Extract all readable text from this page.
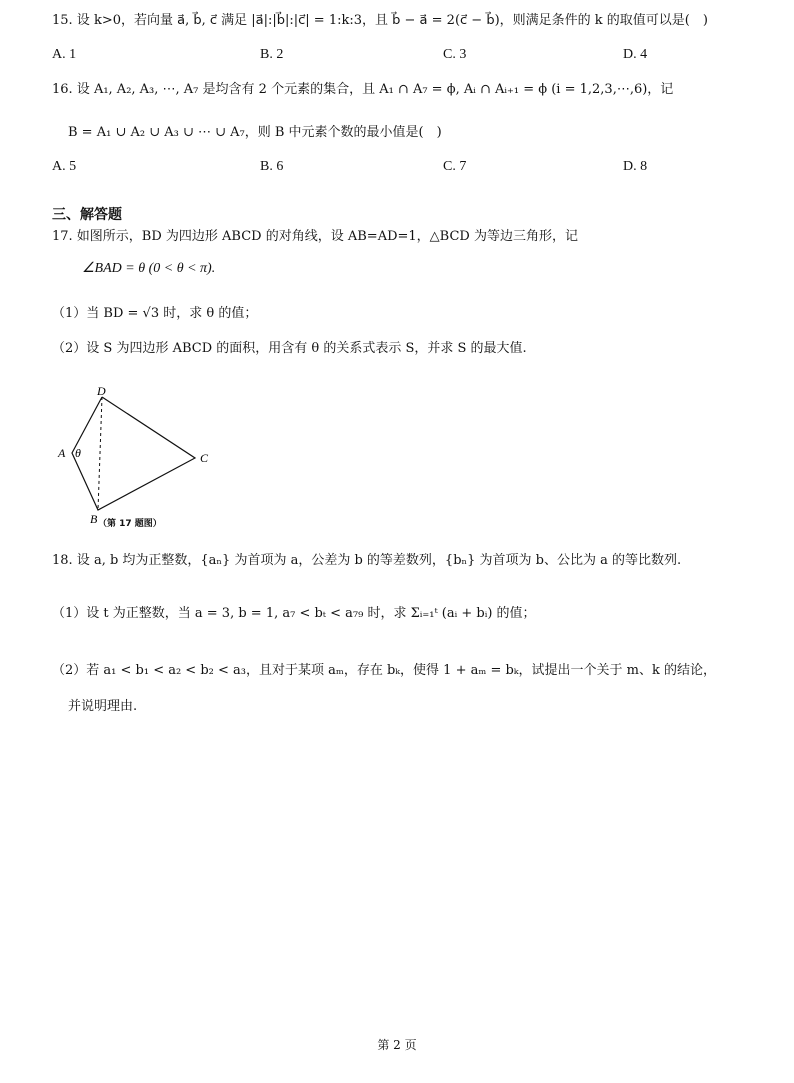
15. 设 k>0，若向量 a⃗, b⃗, c⃗ 满足 |a⃗|:|b⃗|:|c⃗| = 1:k:3，且 b⃗ − a⃗ = 2(c⃗ − b⃗)，则满足条件的 k 的取值可以是(　)
A. 1	B. 2	C. 3	D. 4
16. 设 A₁, A₂, A₃, ⋯, A₇ 是均含有 2 个元素的集合，且 A₁ ∩ A₇ = ϕ, Aᵢ ∩ Aᵢ₊₁ = ϕ (i = 1,2,3,⋯,6)，记
B = A₁ ∪ A₂ ∪ A₃ ∪ ⋯ ∪ A₇，则 B 中元素个数的最小值是(　)
A. 5	B. 6	C. 7	D. 8
三、解答题
17. 如图所示，BD 为四边形 ABCD 的对角线，设 AB=AD=1，△BCD 为等边三角形，记
∠BAD = θ (0 < θ < π).
（1）当 BD = √3 时，求 θ 的值；
（2）设 S 为四边形 ABCD 的面积，用含有 θ 的关系式表示 S，并求 S 的最大值.
D
A θ	C
B （第 17 题图）
18. 设 a, b 均为正整数，{aₙ} 为首项为 a，公差为 b 的等差数列，{bₙ} 为首项为 b、公比为 a 的等比数列.
（1）设 t 为正整数，当 a = 3, b = 1, a₇ < bₜ < a₇₉ 时，求 Σᵢ₌₁ᵗ (aᵢ + bᵢ) 的值；
（2）若 a₁ < b₁ < a₂ < b₂ < a₃，且对于某项 aₘ，存在 bₖ，使得 1 + aₘ = bₖ，试提出一个关于 m、k 的结论，
并说明理由.
第 2 页
